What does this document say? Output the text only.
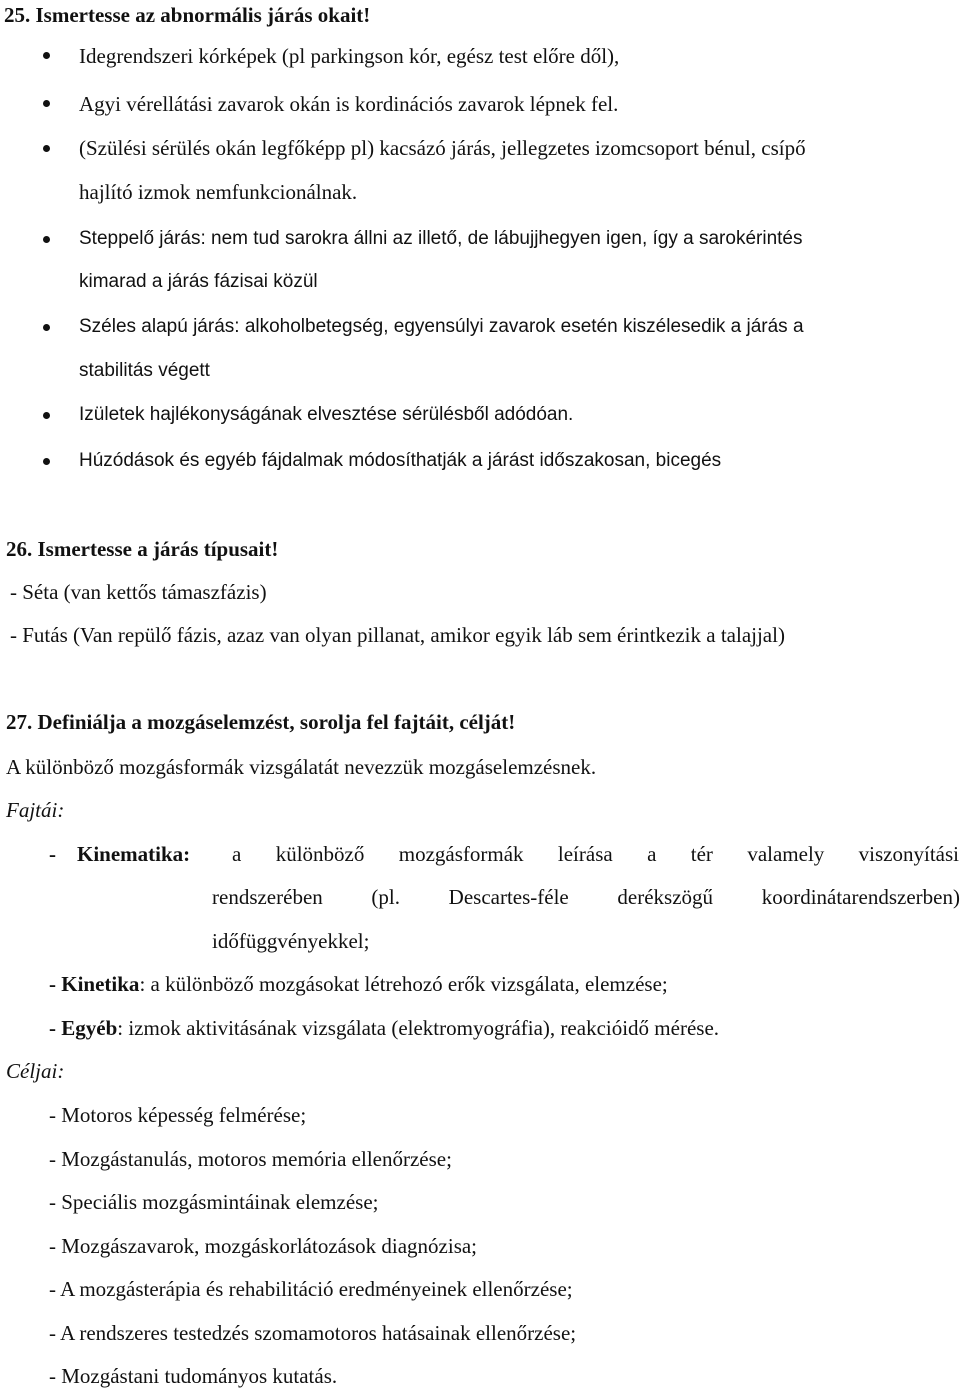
25. Ismertesse az abnormális járás okait!
Idegrendszeri kórképek (pl parkingson kór, egész test előre dől),
Agyi vérellátási zavarok okán is kordinációs zavarok lépnek fel.
(Szülési sérülés okán legfőképp pl) kacsázó járás, jellegzetes izomcsoport bénul, csípő
hajlító izmok nemfunkcionálnak.
Steppelő járás: nem tud sarokra állni az illető, de lábujjhegyen igen, így a sarokérintés
kimarad a járás fázisai közül
Széles alapú járás: alkoholbetegség, egyensúlyi zavarok esetén kiszélesedik a járás a
stabilitás végett
Izületek hajlékonyságának elvesztése sérülésből adódóan.
Húzódások és egyéb fájdalmak módosíthatják a járást időszakosan, bicegés
26. Ismertesse a járás típusait!
- Séta (van kettős támaszfázis)
- Futás (Van repülő fázis, azaz van olyan pillanat, amikor egyik láb sem érintkezik a talajjal)
27. Definiálja a mozgáselemzést, sorolja fel fajtáit, célját!
A különböző mozgásformák vizsgálatát nevezzük mozgáselemzésnek.
Fajtái:
- Kinematika: a különböző mozgásformák leírása a tér valamely viszonyítási
rendszerében (pl. Descartes-féle derékszögű koordinátarendszerben)
időfüggvényekkel;
- Kinetika: a különböző mozgásokat létrehozó erők vizsgálata, elemzése;
- Egyéb: izmok aktivitásának vizsgálata (elektromyográfia), reakcióidő mérése.
Céljai:
- Motoros képesség felmérése;
- Mozgástanulás, motoros memória ellenőrzése;
- Speciális mozgásmintáinak elemzése;
- Mozgászavarok, mozgáskorlátozások diagnózisa;
- A mozgásterápia és rehabilitáció eredményeinek ellenőrzése;
- A rendszeres testedzés szomamotoros hatásainak ellenőrzése;
- Mozgástani tudományos kutatás.
